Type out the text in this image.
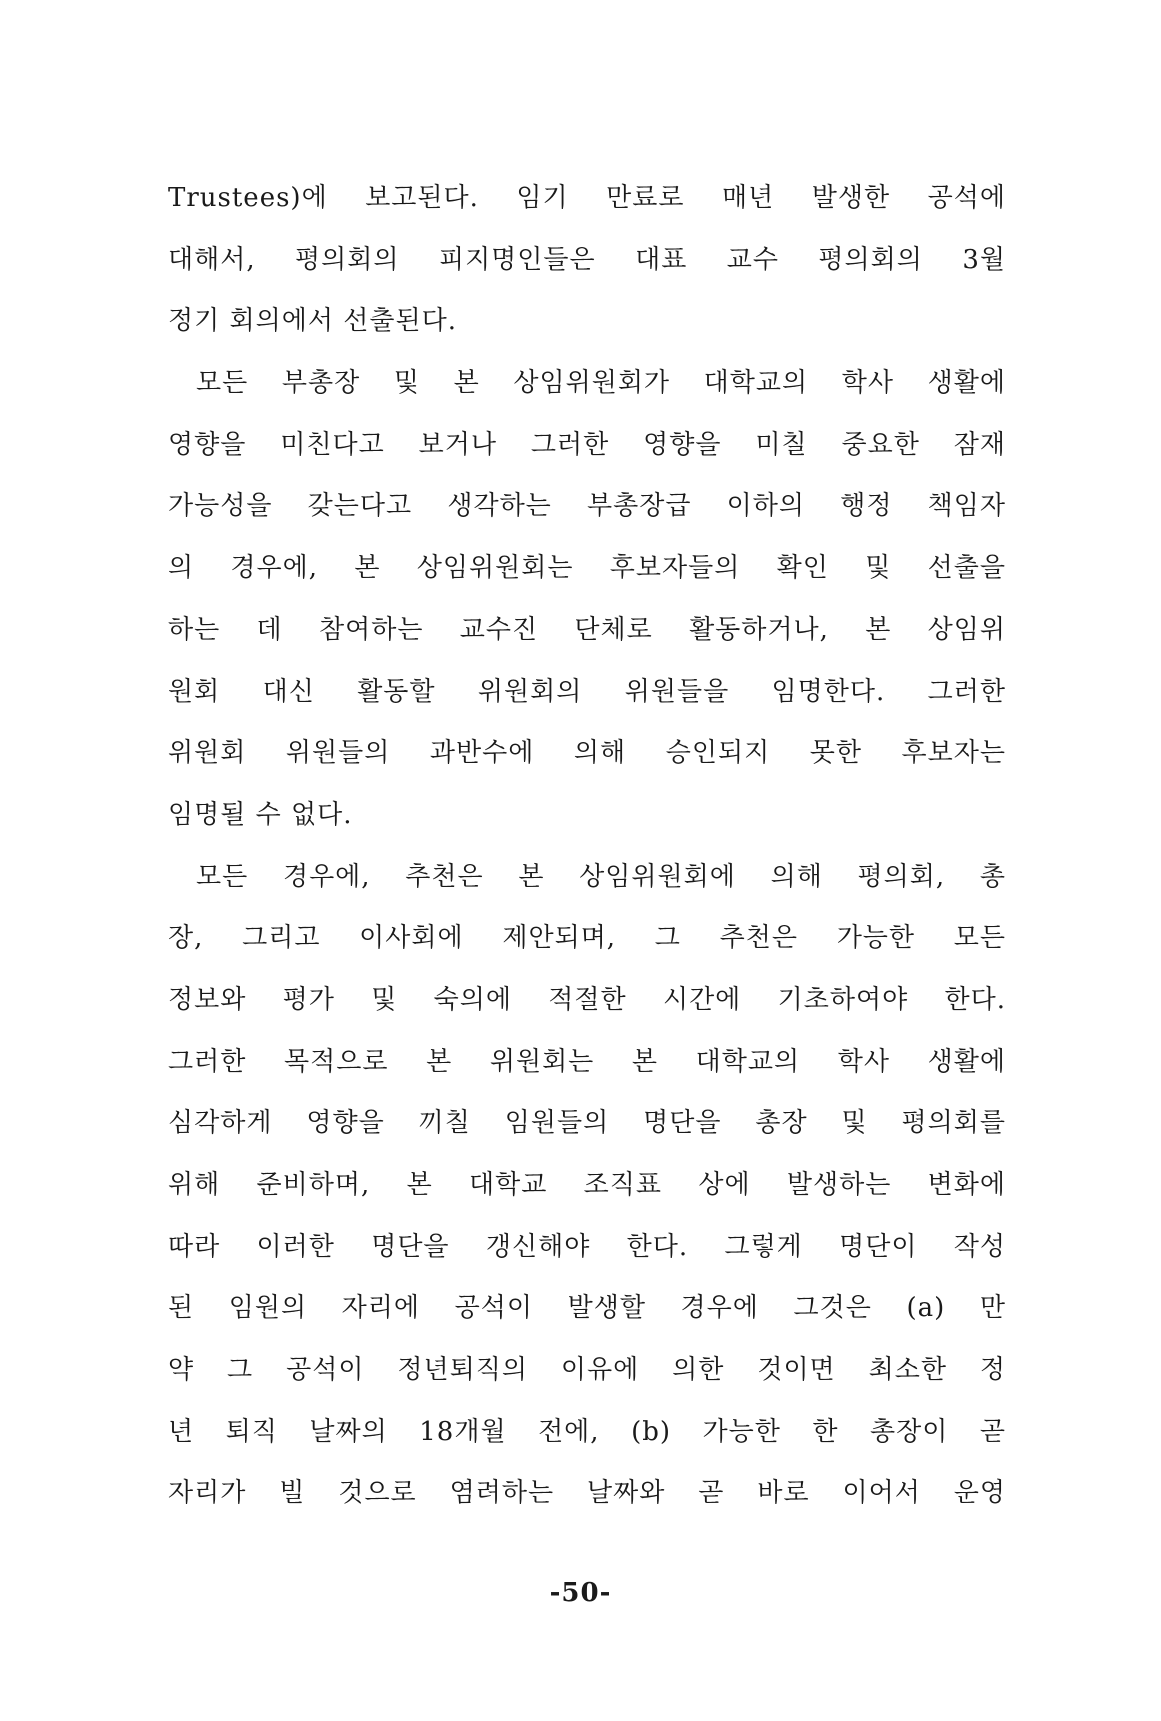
Trustees)에 보고된다. 임기 만료로 매년 발생한 공석에
대해서, 평의회의 피지명인들은 대표 교수 평의회의 3월
정기 회의에서 선출된다.
모든 부총장 및 본 상임위원회가 대학교의 학사 생활에
영향을 미친다고 보거나 그러한 영향을 미칠 중요한 잠재
가능성을 갖는다고 생각하는 부총장급 이하의 행정 책임자
의 경우에, 본 상임위원회는 후보자들의 확인 및 선출을
하는 데 참여하는 교수진 단체로 활동하거나, 본 상임위
원회 대신 활동할 위원회의 위원들을 임명한다. 그러한
위원회 위원들의 과반수에 의해 승인되지 못한 후보자는
임명될 수 없다.
모든 경우에, 추천은 본 상임위원회에 의해 평의회, 총
장, 그리고 이사회에 제안되며, 그 추천은 가능한 모든
정보와 평가 및 숙의에 적절한 시간에 기초하여야 한다.
그러한 목적으로 본 위원회는 본 대학교의 학사 생활에
심각하게 영향을 끼칠 임원들의 명단을 총장 및 평의회를
위해 준비하며, 본 대학교 조직표 상에 발생하는 변화에
따라 이러한 명단을 갱신해야 한다. 그렇게 명단이 작성
된 임원의 자리에 공석이 발생할 경우에 그것은 (a) 만
약 그 공석이 정년퇴직의 이유에 의한 것이면 최소한 정
년 퇴직 날짜의 18개월 전에, (b) 가능한 한 총장이 곧
자리가 빌 것으로 염려하는 날짜와 곧 바로 이어서 운영
-50-
